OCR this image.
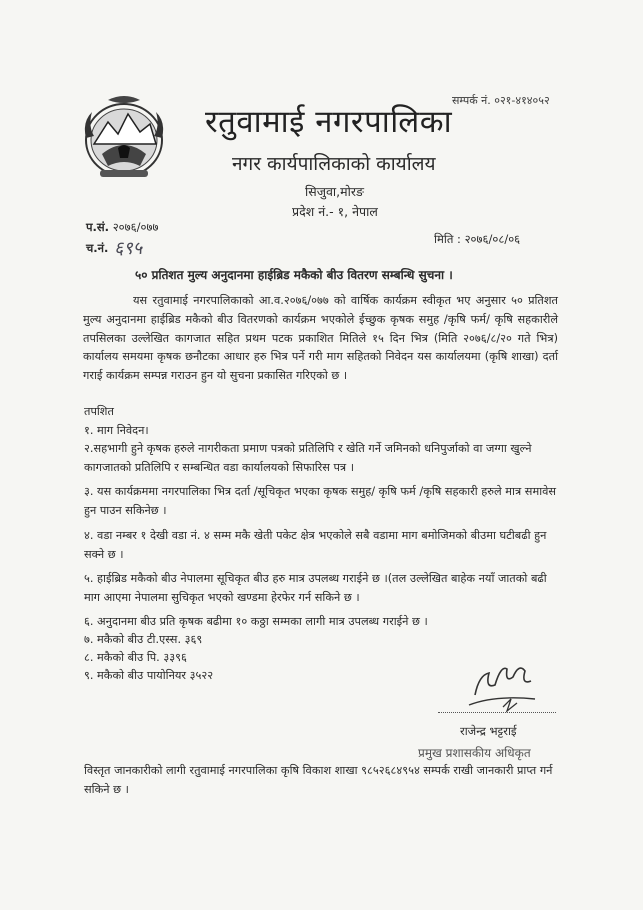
सम्पर्क नं. ०२१-४१४०५२
रतुवामाई नगरपालिका
नगर कार्यपालिकाको कार्यालय
सिजुवा,मोरङ
प्रदेश नं.- १, नेपाल
प.सं. २०७६/०७७
च.नं. ६९५	मिति : २०७६/०८/०६
५० प्रतिशत मुल्य अनुदानमा हाईब्रिड मकैको बीउ वितरण सम्बन्धि सुचना ।
यस रतुवामाई नगरपालिकाको आ.व.२०७६/०७७ को वार्षिक कार्यक्रम स्वीकृत भए अनुसार ५० प्रतिशत मुल्य अनुदानमा हाईब्रिड मकैको बीउ वितरणको कार्यक्रम भएकोले ईच्छुक कृषक समुह /कृषि फर्म/ कृषि सहकारीले तपसिलका उल्लेखित कागजात सहित प्रथम पटक प्रकाशित मितिले १५ दिन भित्र (मिति २०७६/८/२० गते भित्र) कार्यालय समयमा कृषक छनौटका आधार हरु भित्र पर्ने गरी माग सहितको निवेदन यस कार्यालयमा (कृषि शाखा) दर्ता गराई कार्यक्रम सम्पन्न गराउन हुन यो सुचना प्रकासित गरिएको छ ।
तपशित
१. माग निवेदन।
२.सहभागी हुने कृषक हरुले नागरीकता प्रमाण पत्रको प्रतिलिपि र खेति गर्ने जमिनको धनिपुर्जाको वा जग्गा खुल्ने कागजातको प्रतिलिपि र सम्बन्धित वडा कार्यालयको सिफारिस पत्र ।
३. यस कार्यक्रममा नगरपालिका भित्र दर्ता /सूचिकृत भएका कृषक समुह/ कृषि फर्म /कृषि सहकारी हरुले मात्र समावेस हुन पाउन सकिनेछ ।
४. वडा नम्बर १ देखी वडा नं. ४ सम्म मकै खेती पकेट क्षेत्र भएकोले सबै वडामा माग बमोजिमको बीउमा घटीबढी हुन सक्ने छ ।
५. हाईब्रिड मकैको बीउ नेपालमा सूचिकृत बीउ हरु मात्र उपलब्ध गराईने छ ।(तल उल्लेखित बाहेक नयाँ जातको बढी माग आएमा नेपालमा सुचिकृत भएको खण्डमा हेरफेर गर्न सकिने छ ।
६. अनुदानमा बीउ प्रति कृषक बढीमा १० कठ्ठा सम्मका लागी मात्र उपलब्ध गराईने छ ।
७. मकैको बीउ टी.एस्स. ३६९
८. मकैको बीउ पि. ३३९६
९. मकैको बीउ पायोनियर ३५२२
राजेन्द्र भट्टराई
प्रमुख प्रशासकीय अधिकृत
विस्तृत जानकारीको लागी रतुवामाई नगरपालिका कृषि विकाश शाखा ९८५२६८४९५४ सम्पर्क राखी जानकारी प्राप्त गर्न सकिने छ ।
